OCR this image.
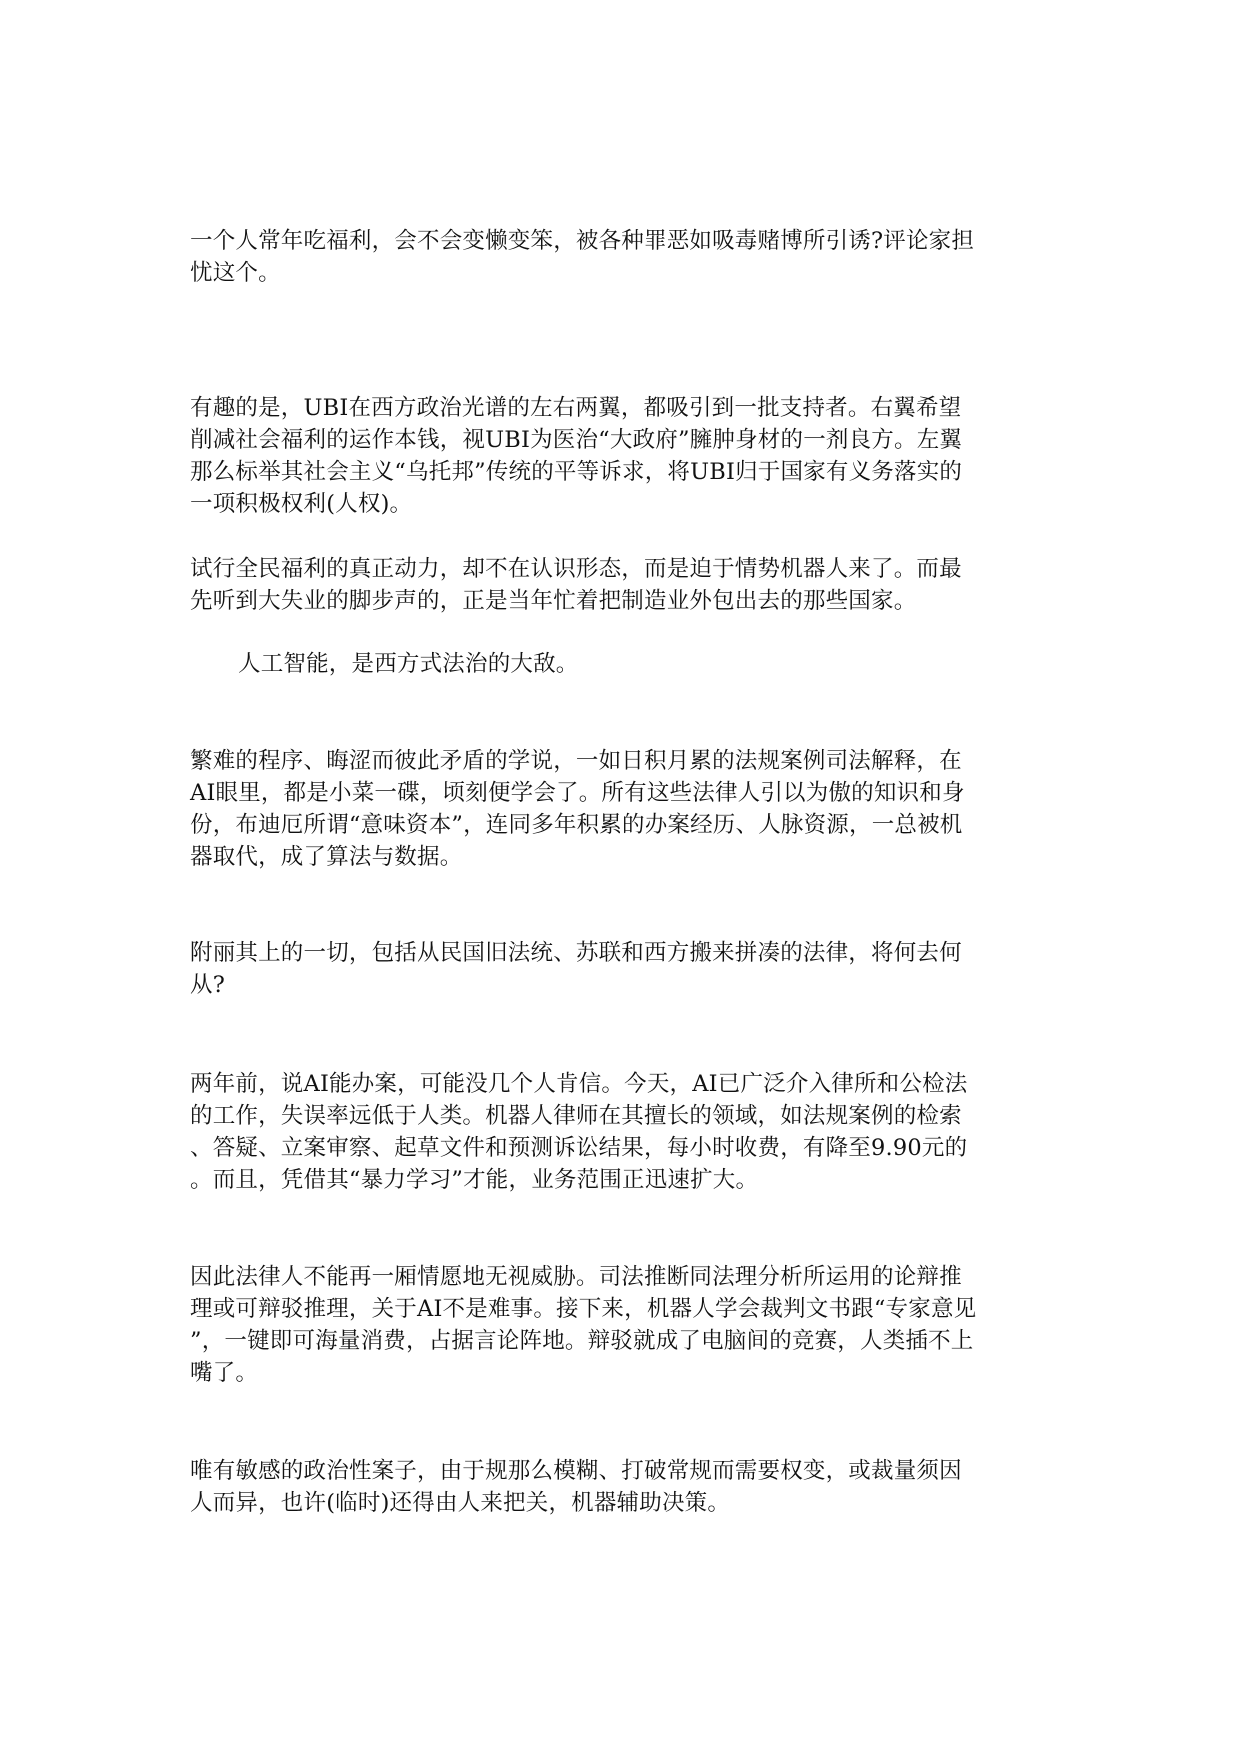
一个人常年吃福利，会不会变懒变笨，被各种罪恶如吸毒赌博所引诱?评论家担
忧这个。

有趣的是，UBI在西方政治光谱的左右两翼，都吸引到一批支持者。右翼希望
削减社会福利的运作本钱，视UBI为医治“大政府”臃肿身材的一剂良方。左翼
那么标举其社会主义“乌托邦”传统的平等诉求，将UBI归于国家有义务落实的
一项积极权利(人权)。

试行全民福利的真正动力，却不在认识形态，而是迫于情势机器人来了。而最
先听到大失业的脚步声的，正是当年忙着把制造业外包出去的那些国家。

人工智能，是西方式法治的大敌。

繁难的程序、晦涩而彼此矛盾的学说，一如日积月累的法规案例司法解释，在
AI眼里，都是小菜一碟，顷刻便学会了。所有这些法律人引以为傲的知识和身
份，布迪厄所谓“意味资本”，连同多年积累的办案经历、人脉资源，一总被机
器取代，成了算法与数据。

附丽其上的一切，包括从民国旧法统、苏联和西方搬来拼凑的法律，将何去何
从?

两年前，说AI能办案，可能没几个人肯信。今天，AI已广泛介入律所和公检法
的工作，失误率远低于人类。机器人律师在其擅长的领域，如法规案例的检索
、答疑、立案审察、起草文件和预测诉讼结果，每小时收费，有降至9.90元的
。而且，凭借其“暴力学习”才能，业务范围正迅速扩大。

因此法律人不能再一厢情愿地无视威胁。司法推断同法理分析所运用的论辩推
理或可辩驳推理，关于AI不是难事。接下来，机器人学会裁判文书跟“专家意见
”，一键即可海量消费，占据言论阵地。辩驳就成了电脑间的竞赛，人类插不上
嘴了。

唯有敏感的政治性案子，由于规那么模糊、打破常规而需要权变，或裁量须因
人而异，也许(临时)还得由人来把关，机器辅助决策。
